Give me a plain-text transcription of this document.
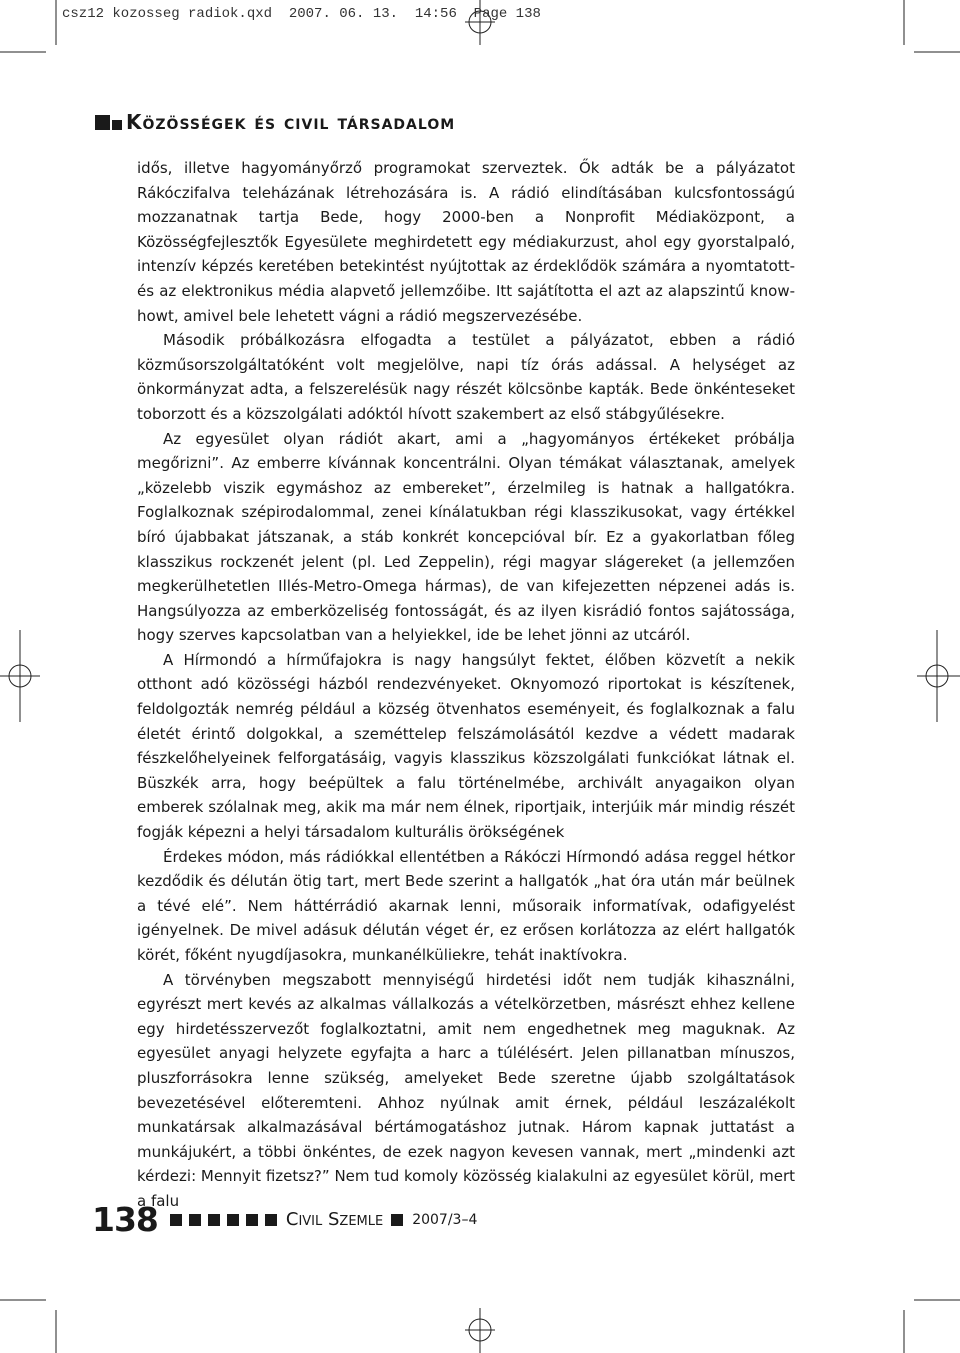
csz12 kozosseg radiok.qxd  2007. 06. 13.  14:56  Page 138
Közösségek és civil társadalom

idős, illetve hagyományőrző programokat szerveztek. Ők adták be a pályázatot Rákóczifalva teleházának létrehozására is. A rádió elindításában kulcsfontosságú mozzanatnak tartja Bede, hogy 2000-ben a Nonprofit Médiaközpont, a Közösségfejlesztők Egyesülete meghirdetett egy médiakurzust, ahol egy gyorstalpaló, intenzív képzés keretében betekintést nyújtottak az érdeklődök számára a nyomtatott- és az elektronikus média alapvető jellemzőibe. Itt sajátította el azt az alapszintű know-howt, amivel bele lehetett vágni a rádió megszervezésébe.

Második próbálkozásra elfogadta a testület a pályázatot, ebben a rádió közműsorszolgáltatóként volt megjelölve, napi tíz órás adással. A helységet az önkormányzat adta, a felszerelésük nagy részét kölcsönbe kapták. Bede önkénteseket toborzott és a közszolgálati adóktól hívott szakembert az első stábgyűlésekre.

Az egyesület olyan rádiót akart, ami a „hagyományos értékeket próbálja megőrizni”. Az emberre kívánnak koncentrálni. Olyan témákat választanak, amelyek „közelebb viszik egymáshoz az embereket”, érzelmileg is hatnak a hallgatókra. Foglalkoznak szépirodalommal, zenei kínálatukban régi klasszikusokat, vagy értékkel bíró újabbakat játszanak, a stáb konkrét koncepcióval bír. Ez a gyakorlatban főleg klasszikus rockzenét jelent (pl. Led Zeppelin), régi magyar slágereket (a jellemzően megkerülhetetlen Illés-Metro-Omega hármas), de van kifejezetten népzenei adás is. Hangsúlyozza az emberközeliség fontosságát, és az ilyen kisrádió fontos sajátossága, hogy szerves kapcsolatban van a helyiekkel, ide be lehet jönni az utcáról.

A Hírmondó a hírműfajokra is nagy hangsúlyt fektet, élőben közvetít a nekik otthont adó közösségi házból rendezvényeket. Oknyomozó riportokat is készítenek, feldolgozták nemrég például a község ötvenhatos eseményeit, és foglalkoznak a falu életét érintő dolgokkal, a szeméttelep felszámolásától kezdve a védett madarak fészkelőhelyeinek felforgatásáig, vagyis klasszikus közszolgálati funkciókat látnak el. Büszkék arra, hogy beépültek a falu történelmébe, archivált anyagaikon olyan emberek szólalnak meg, akik ma már nem élnek, riportjaik, interjúik már mindig részét fogják képezni a helyi társadalom kulturális örökségének

Érdekes módon, más rádiókkal ellentétben a Rákóczi Hírmondó adása reggel hétkor kezdődik és délután ötig tart, mert Bede szerint a hallgatók „hat óra után már beülnek a tévé elé”. Nem háttérrádió akarnak lenni, műsoraik informatívak, odafigyelést igényelnek. De mivel adásuk délután véget ér, ez erősen korlátozza az elért hallgatók körét, főként nyugdíjasokra, munkanélküliekre, tehát inaktívokra.

A törvényben megszabott mennyiségű hirdetési időt nem tudják kihasználni, egyrészt mert kevés az alkalmas vállalkozás a vételkörzetben, másrészt ehhez kellene egy hirdetésszervezőt foglalkoztatni, amit nem engedhetnek meg maguknak. Az egyesület anyagi helyzete egyfajta a harc a túlélésért. Jelen pillanatban mínuszos, pluszforrásokra lenne szükség, amelyeket Bede szeretne újabb szolgáltatások bevezetésével előteremteni. Ahhoz nyúlnak amit érnek, például leszázalékolt munkatársak alkalmazásával bértámogatáshoz jutnak. Három kapnak juttatást a munkájukért, a többi önkéntes, de ezek nagyon kevesen vannak, mert „mindenki azt kérdezi: Mennyit fizetsz?” Nem tud komoly közösség kialakulni az egyesület körül, mert a falu

138	Civil Szemle 2007/3–4
